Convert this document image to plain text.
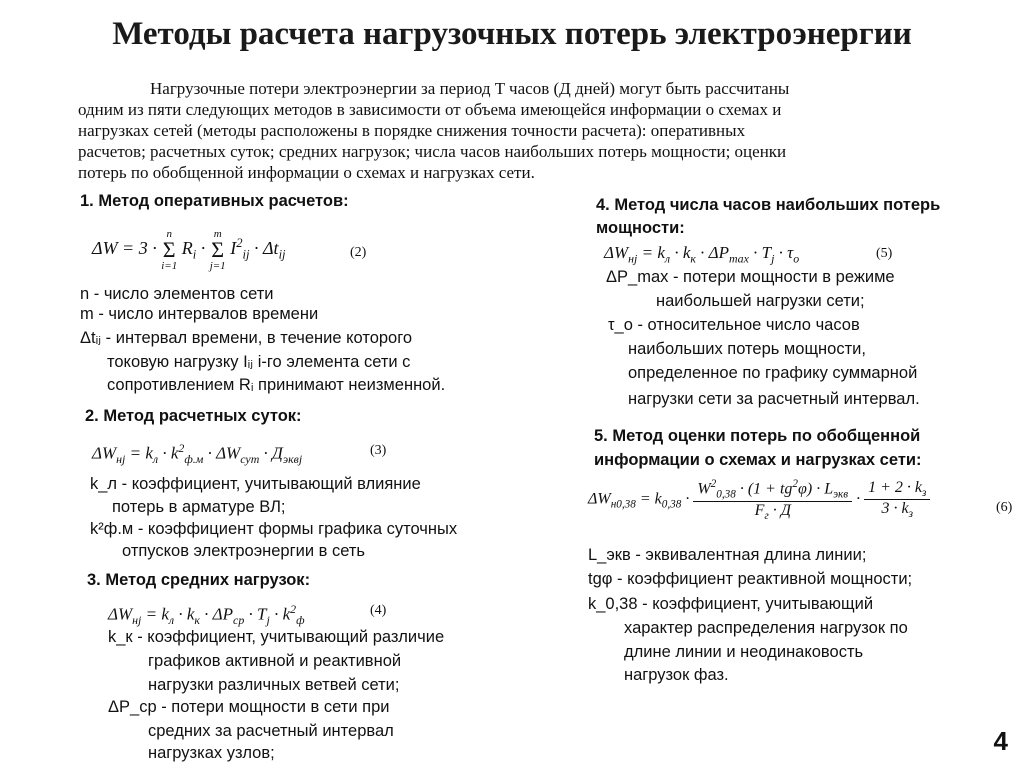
Методы расчета нагрузочных потерь электроэнергии
Нагрузочные потери электроэнергии за период T часов (Д дней) могут быть рассчитаны
одним из пяти следующих методов в зависимости от объема имеющейся информации о схемах и
нагрузках сетей (методы расположены в порядке снижения точности расчета): оперативных
расчетов; расчетных суток; средних нагрузок; числа часов наибольших потерь мощности; оценки
потерь по обобщенной информации о схемах и нагрузках сети.
1. Метод оперативных расчетов:
ΔW = 3 ·
n
Σ
i=1
$R_i$ ·
m
Σ
j=1
$I^2_{ij} \cdot \Delta t_{ij}$	(2)
n - число элементов сети
m - число интервалов времени
Δtᵢⱼ - интервал времени, в течение которого
токовую нагрузку Iᵢⱼ i-го элемента сети с
сопротивлением Rᵢ принимают неизменной.
2. Метод расчетных суток:
$\Delta W_{нj} = k_л \cdot k^2_{ф.м} \cdot \Delta W_{сут} \cdot Д_{эквj}$
(3)
k_л - коэффициент, учитывающий влияние
потерь в арматуре ВЛ;
k²ф.м - коэффициент формы графика суточных
отпусков электроэнергии в сеть
3. Метод средних нагрузок:
$\Delta W_{нj} = k_л \cdot k_к \cdot \Delta P_{ср} \cdot T_j \cdot k^2_ф$
(4)
k_к - коэффициент, учитывающий различие
графиков активной и реактивной
нагрузки различных ветвей сети;
ΔP_ср - потери мощности в сети при
средних за расчетный интервал
нагрузках узлов;
4. Метод числа часов наибольших потерь
мощности:
$\Delta W_{нj} = k_л \cdot k_к \cdot \Delta P_{max} \cdot T_j \cdot \tau_o$	(5)
ΔP_max - потери мощности в режиме
наибольшей нагрузки сети;
τ_о - относительное число часов
наибольших потерь мощности,
определенное по графику суммарной
нагрузки сети за расчетный интервал.
5. Метод оценки потерь по обобщенной
информации о схемах и нагрузках сети:
$\Delta W_{н0,38} = k_{0,38} \cdot \frac{W^2_{0,38} \cdot (1 + tg^2\varphi) \cdot L_{экв}}{F_г \cdot Д} \cdot \frac{1 + 2 \cdot k_з}{3 \cdot k_з}$	(6)
L_экв - эквивалентная длина линии;
tgφ - коэффициент реактивной мощности;
k_0,38 - коэффициент, учитывающий
характер распределения нагрузок по
длине линии и неодинаковость
нагрузок фаз.
4
